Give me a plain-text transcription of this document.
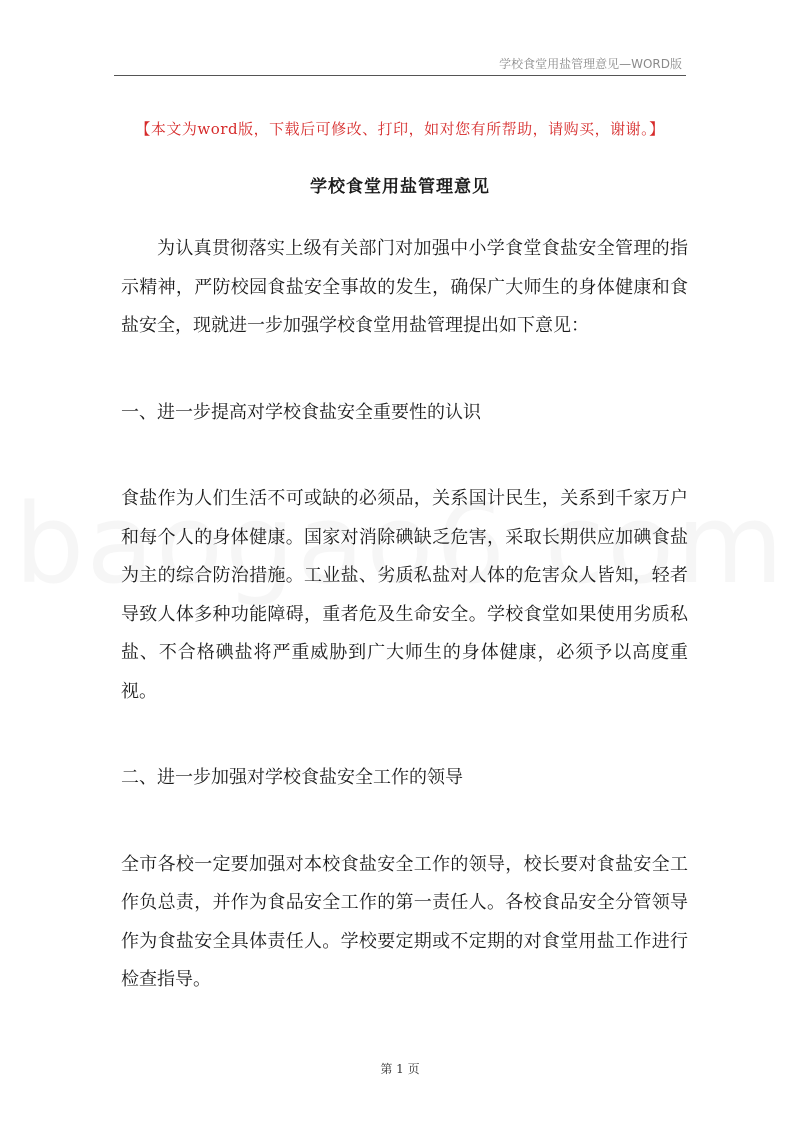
学校食堂用盐管理意见—WORD版
【本文为word版，下载后可修改、打印，如对您有所帮助，请购买，谢谢。】
学校食堂用盐管理意见

为认真贯彻落实上级有关部门对加强中小学食堂食盐安全管理的指示精神，严防校园食盐安全事故的发生，确保广大师生的身体健康和食盐安全，现就进一步加强学校食堂用盐管理提出如下意见：

一、进一步提高对学校食盐安全重要性的认识

食盐作为人们生活不可或缺的必须品，关系国计民生，关系到千家万户和每个人的身体健康。国家对消除碘缺乏危害，采取长期供应加碘食盐为主的综合防治措施。工业盐、劣质私盐对人体的危害众人皆知，轻者导致人体多种功能障碍，重者危及生命安全。学校食堂如果使用劣质私盐、不合格碘盐将严重威胁到广大师生的身体健康，必须予以高度重视。

二、进一步加强对学校食盐安全工作的领导

全市各校一定要加强对本校食盐安全工作的领导，校长要对食盐安全工作负总责，并作为食品安全工作的第一责任人。各校食品安全分管领导作为食盐安全具体责任人。学校要定期或不定期的对食堂用盐工作进行检查指导。

第 1 页
